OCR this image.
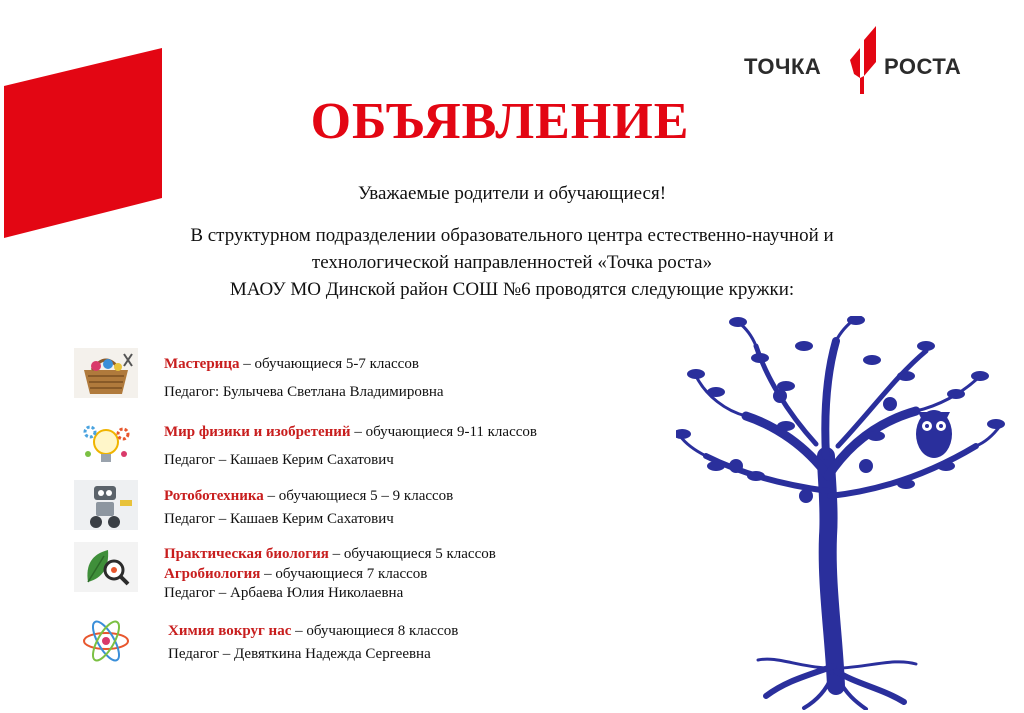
ТОЧКА	РОСТА
ОБЪЯВЛЕНИЕ
Уважаемые родители и обучающиеся!
В структурном подразделении образовательного центра естественно-научной и
технологической направленностей «Точка роста»
МАОУ МО Динской район СОШ №6 проводятся следующие кружки:
Мастерица – обучающиеся 5-7 классов
Педагог: Булычева Светлана Владимировна
Мир физики и изобретений – обучающиеся 9-11 классов
Педагог – Кашаев Керим Сахатович
Ротоботехника – обучающиеся 5 – 9 классов
Педагог – Кашаев Керим Сахатович
Практическая биология – обучающиеся 5 классов
Агробиология – обучающиеся 7 классов
Педагог – Арбаева Юлия Николаевна
Химия вокруг нас – обучающиеся 8 классов
Педагог – Девяткина Надежда Сергеевна
